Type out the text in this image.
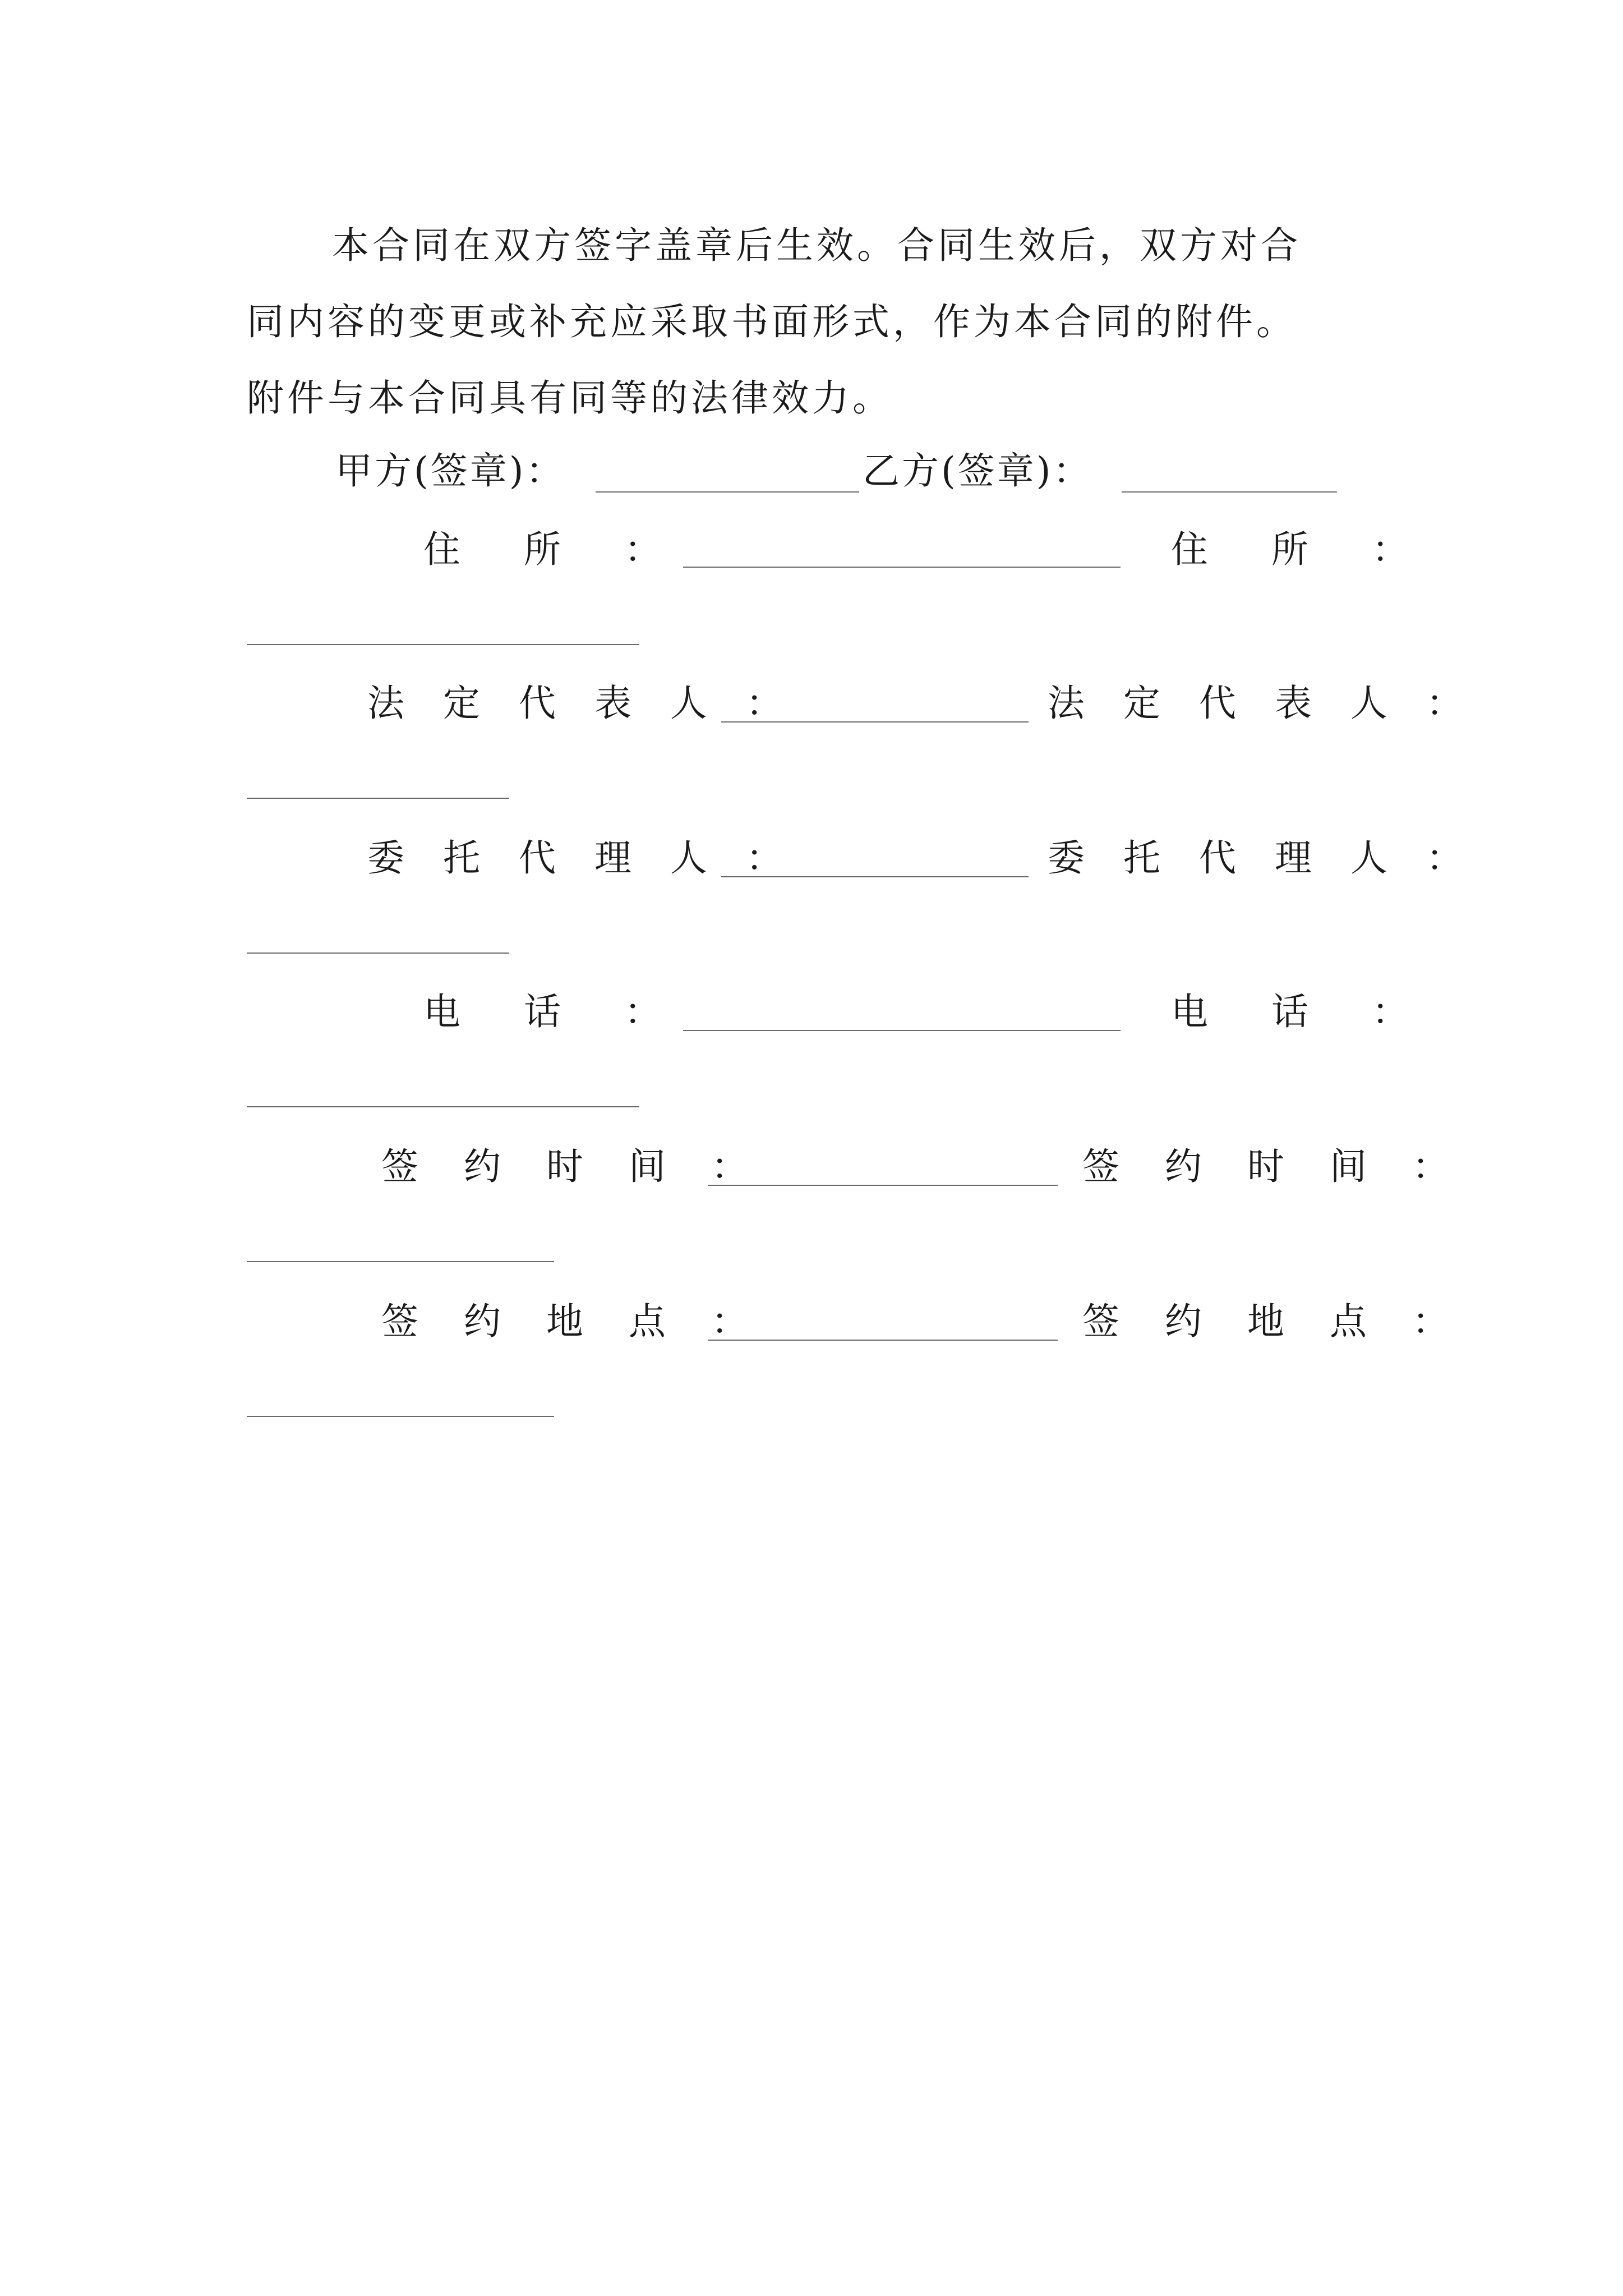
本合同在双方签字盖章后生效。合同生效后，双方对合
同内容的变更或补充应采取书面形式，作为本合同的附件。
附件与本合同具有同等的法律效力。
甲方(签章)：	乙方(签章)：
住 所 ：	住 所 ：
法 定 代 表 人 ：	法 定 代 表 人 ：
委 托 代 理 人 ：	委 托 代 理 人 ：
电 话 ：	电 话 ：
签 约 时 间 ：	签 约 时 间 ：
签 约 地 点 ：	签 约 地 点 ：
